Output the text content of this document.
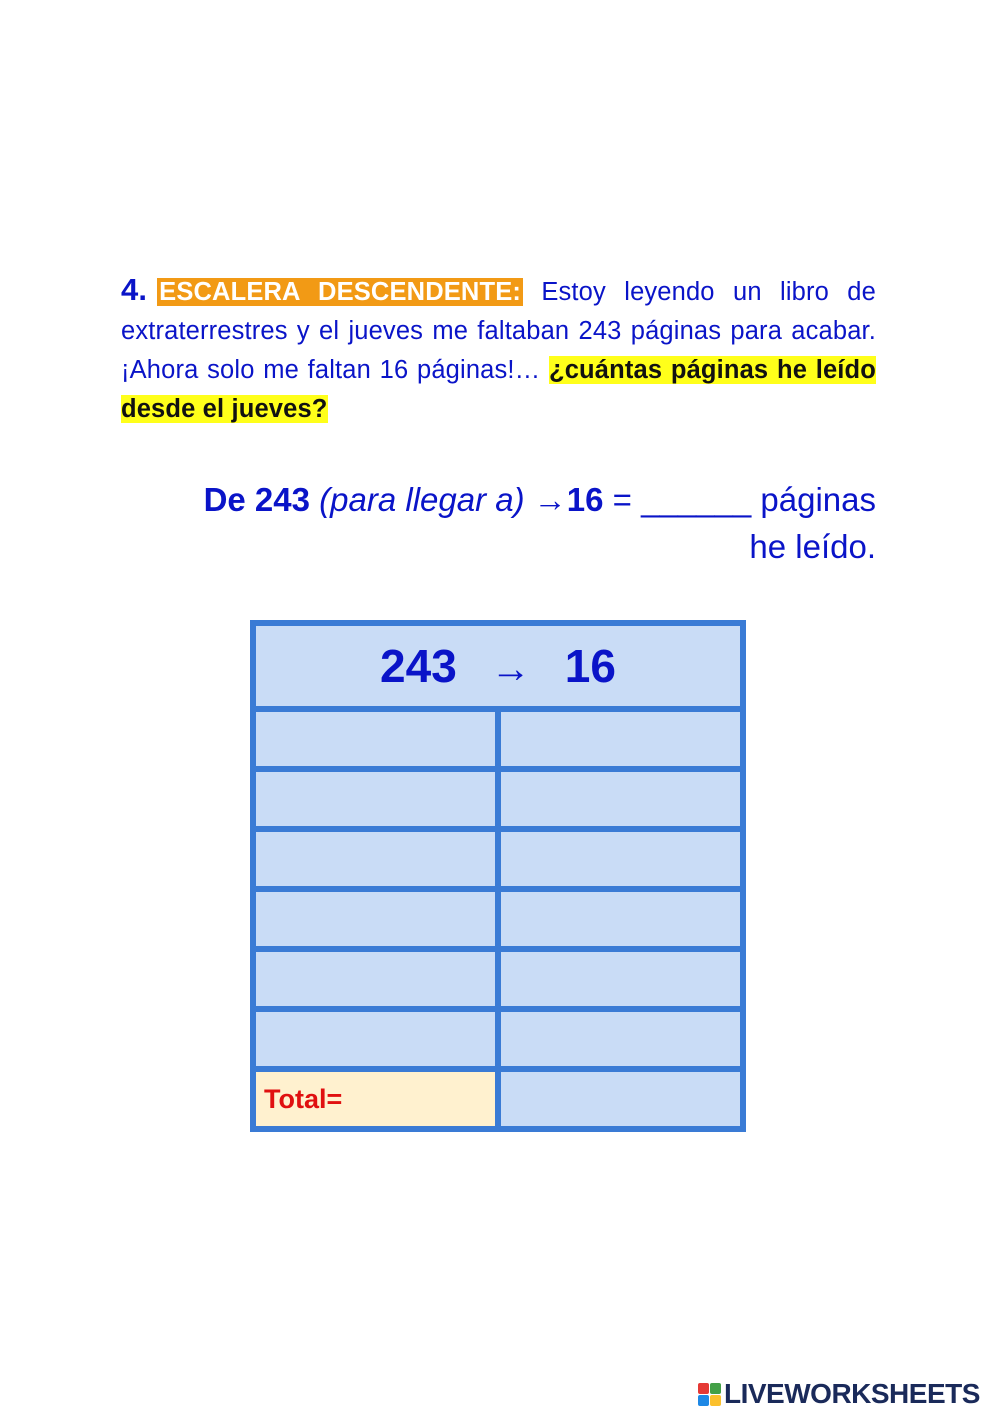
4. ESCALERA DESCENDENTE: Estoy leyendo un libro de extraterrestres y el jueves me faltaban 243 páginas para acabar. ¡Ahora solo me faltan 16 páginas!… ¿cuántas páginas he leído desde el jueves?
De 243 (para llegar a) →16 = ______ páginas
he leído.
243 → 16	

Total=	
LIVEWORKSHEETS
